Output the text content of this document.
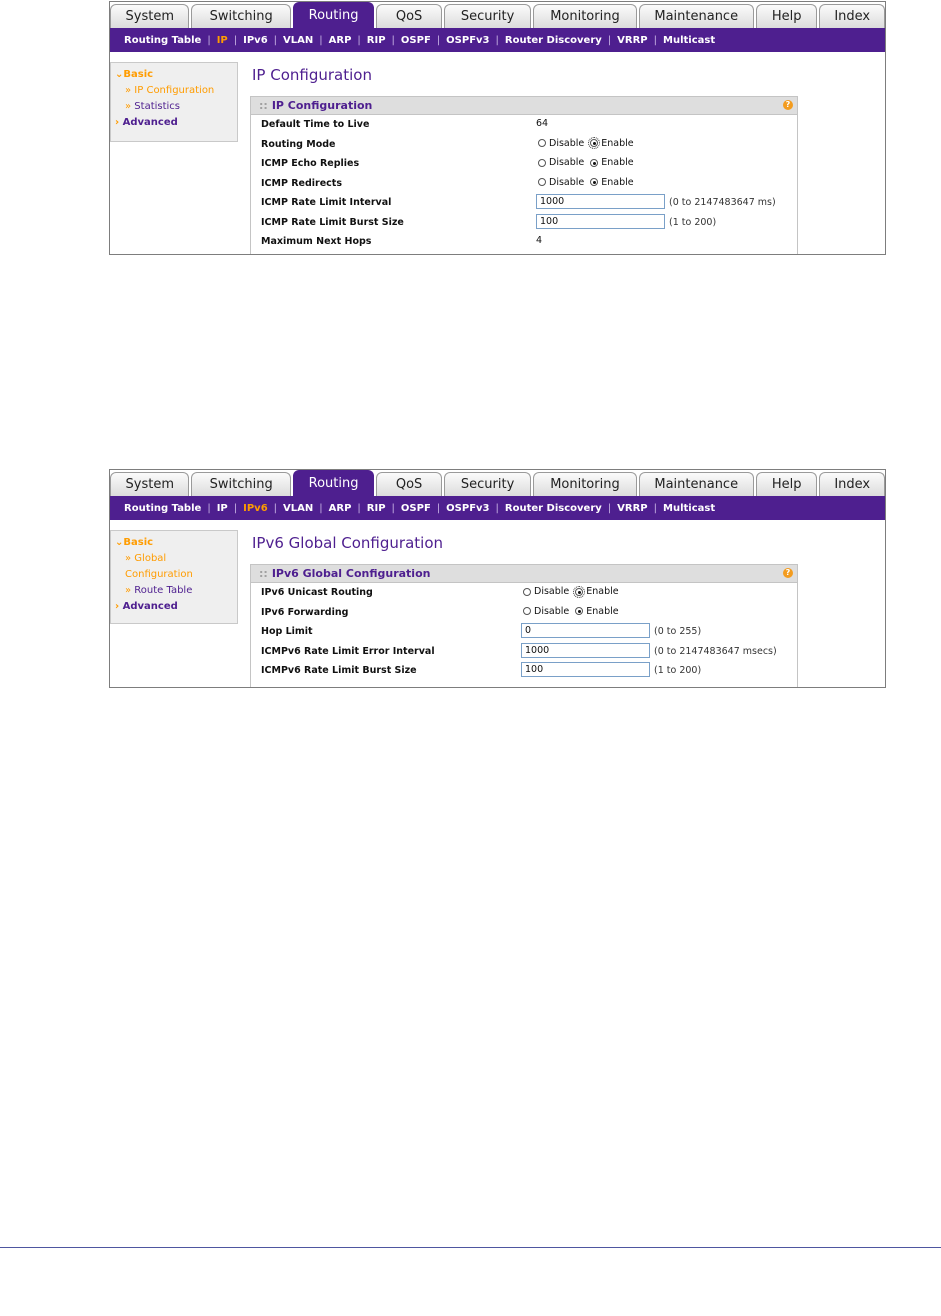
System	Switching	Routing	QoS	Security	Monitoring	Maintenance	Help	Index
Routing Table | IP | IPv6 | VLAN | ARP | RIP | OSPF | OSPFv3 | Router Discovery | VRRP | Multicast
⌄Basic
» IP Configuration
» Statistics
› Advanced
IP Configuration
:: IP Configuration	?
Default Time to Live	64
Routing Mode	Disable Enable
ICMP Echo Replies	Disable Enable
ICMP Redirects	Disable Enable
ICMP Rate Limit Interval	1000	(0 to 2147483647 ms)
ICMP Rate Limit Burst Size	100	(1 to 200)
Maximum Next Hops	4
System	Switching	Routing	QoS	Security	Monitoring	Maintenance	Help	Index
Routing Table | IP | IPv6 | VLAN | ARP | RIP | OSPF | OSPFv3 | Router Discovery | VRRP | Multicast
⌄Basic
» Global Configuration
» Route Table
› Advanced
IPv6 Global Configuration
:: IPv6 Global Configuration	?
IPv6 Unicast Routing	Disable Enable
IPv6 Forwarding	Disable Enable
Hop Limit	0	(0 to 255)
ICMPv6 Rate Limit Error Interval	1000	(0 to 2147483647 msecs)
ICMPv6 Rate Limit Burst Size	100	(1 to 200)
